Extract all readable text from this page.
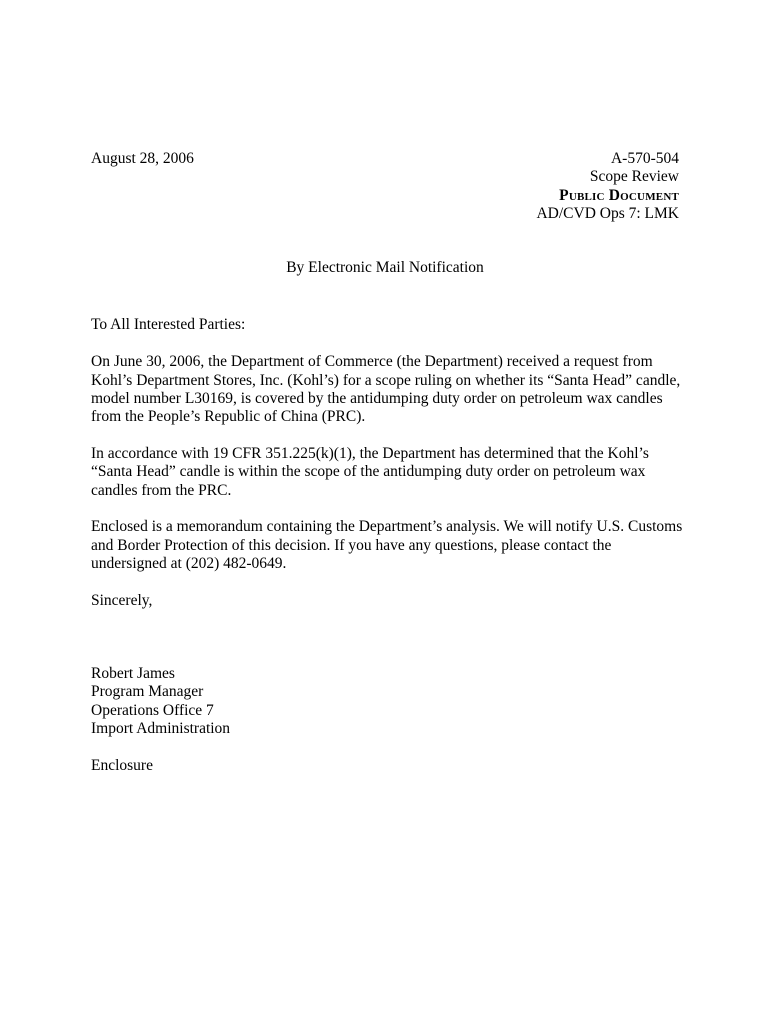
August 28, 2006	A-570-504
Scope Review
Public Document
AD/CVD Ops 7: LMK
By Electronic Mail Notification

To All Interested Parties:

On June 30, 2006, the Department of Commerce (the Department) received a request from Kohl’s Department Stores, Inc. (Kohl’s) for a scope ruling on whether its “Santa Head” candle, model number L30169, is covered by the antidumping duty order on petroleum wax candles from the People’s Republic of China (PRC).

In accordance with 19 CFR 351.225(k)(1), the Department has determined that the Kohl’s “Santa Head” candle is within the scope of the antidumping duty order on petroleum wax candles from the PRC.

Enclosed is a memorandum containing the Department’s analysis. We will notify U.S. Customs and Border Protection of this decision. If you have any questions, please contact the undersigned at (202) 482-0649.

Sincerely,

Robert James
Program Manager
Operations Office 7
Import Administration

Enclosure
